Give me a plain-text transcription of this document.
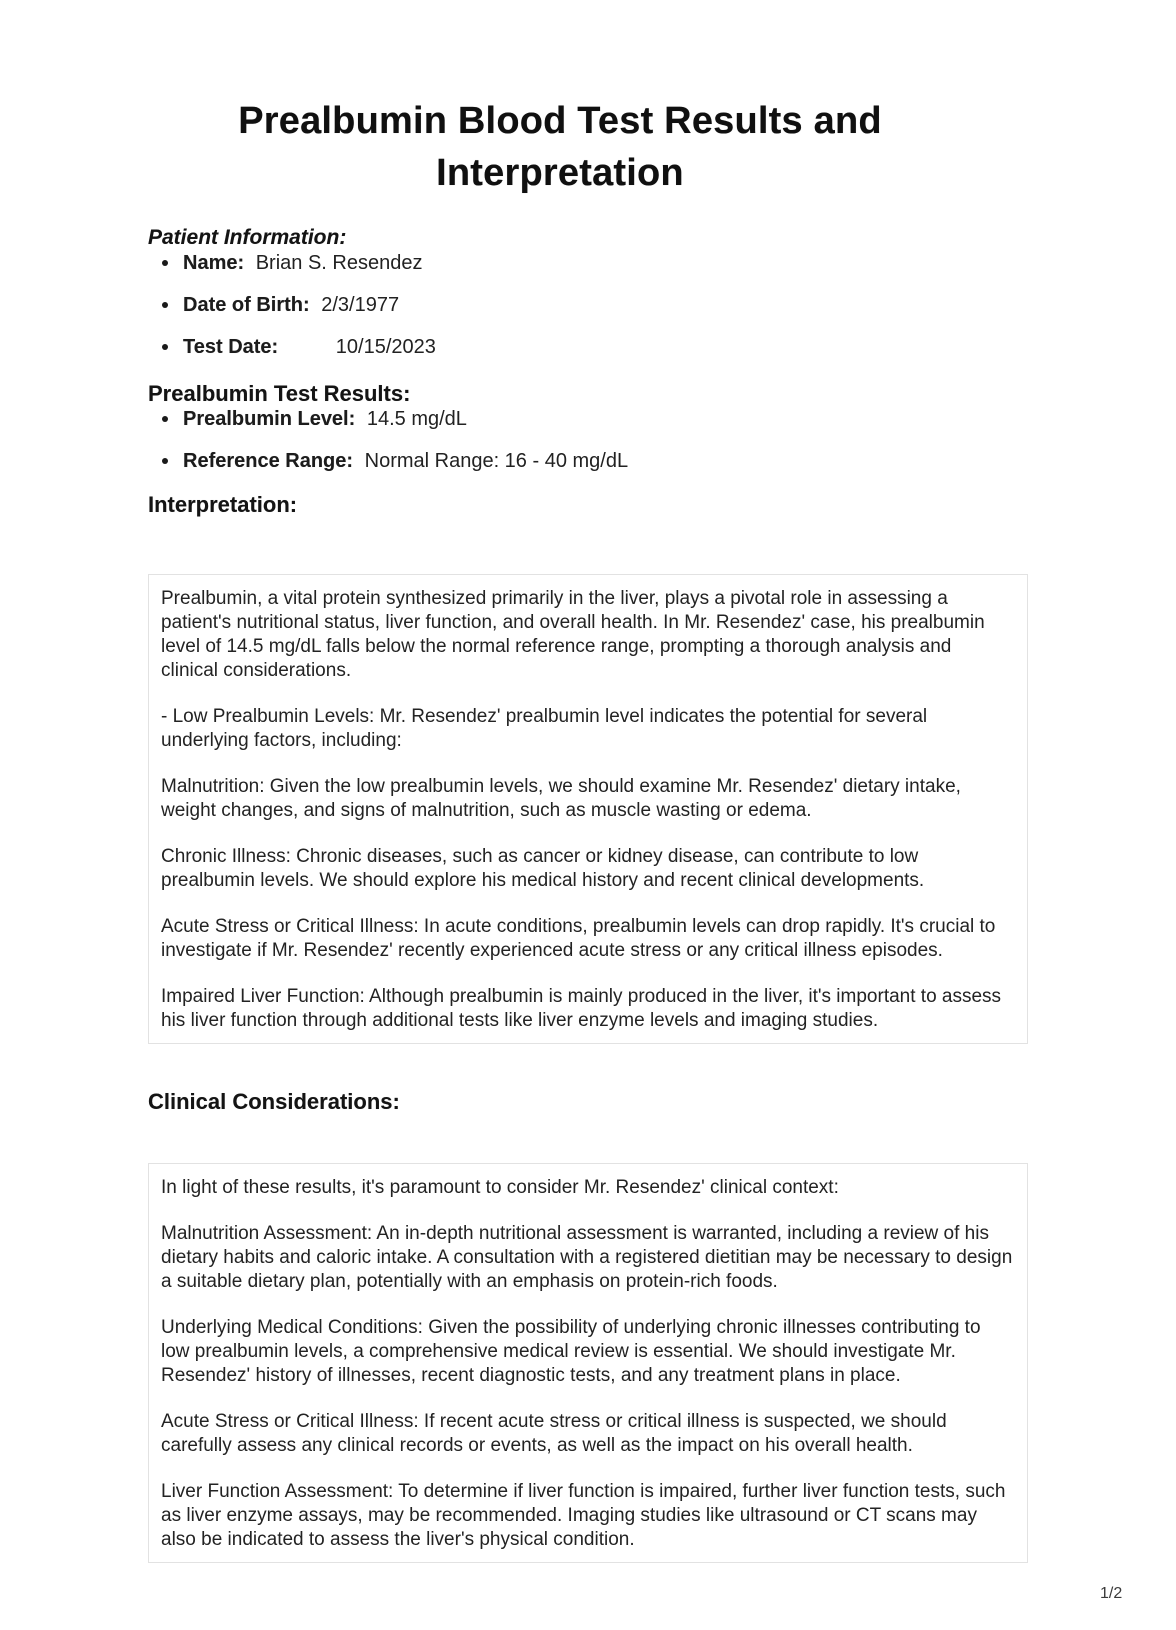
Prealbumin Blood Test Results and Interpretation
Patient Information:
Name: Brian S. Resendez
Date of Birth: 2/3/1977
Test Date:	10/15/2023
Prealbumin Test Results:
Prealbumin Level: 14.5 mg/dL
Reference Range: Normal Range: 16 - 40 mg/dL
Interpretation:

Prealbumin, a vital protein synthesized primarily in the liver, plays a pivotal role in assessing a patient's nutritional status, liver function, and overall health. In Mr. Resendez' case, his prealbumin level of 14.5 mg/dL falls below the normal reference range, prompting a thorough analysis and clinical considerations.

- Low Prealbumin Levels: Mr. Resendez' prealbumin level indicates the potential for several underlying factors, including:

Malnutrition: Given the low prealbumin levels, we should examine Mr. Resendez' dietary intake, weight changes, and signs of malnutrition, such as muscle wasting or edema.

Chronic Illness: Chronic diseases, such as cancer or kidney disease, can contribute to low prealbumin levels. We should explore his medical history and recent clinical developments.

Acute Stress or Critical Illness: In acute conditions, prealbumin levels can drop rapidly. It's crucial to investigate if Mr. Resendez' recently experienced acute stress or any critical illness episodes.

Impaired Liver Function: Although prealbumin is mainly produced in the liver, it's important to assess his liver function through additional tests like liver enzyme levels and imaging studies.

Clinical Considerations:

In light of these results, it's paramount to consider Mr. Resendez' clinical context:

Malnutrition Assessment: An in-depth nutritional assessment is warranted, including a review of his dietary habits and caloric intake. A consultation with a registered dietitian may be necessary to design a suitable dietary plan, potentially with an emphasis on protein-rich foods.

Underlying Medical Conditions: Given the possibility of underlying chronic illnesses contributing to low prealbumin levels, a comprehensive medical review is essential. We should investigate Mr. Resendez' history of illnesses, recent diagnostic tests, and any treatment plans in place.

Acute Stress or Critical Illness: If recent acute stress or critical illness is suspected, we should carefully assess any clinical records or events, as well as the impact on his overall health.

Liver Function Assessment: To determine if liver function is impaired, further liver function tests, such as liver enzyme assays, may be recommended. Imaging studies like ultrasound or CT scans may also be indicated to assess the liver's physical condition.

1/2
